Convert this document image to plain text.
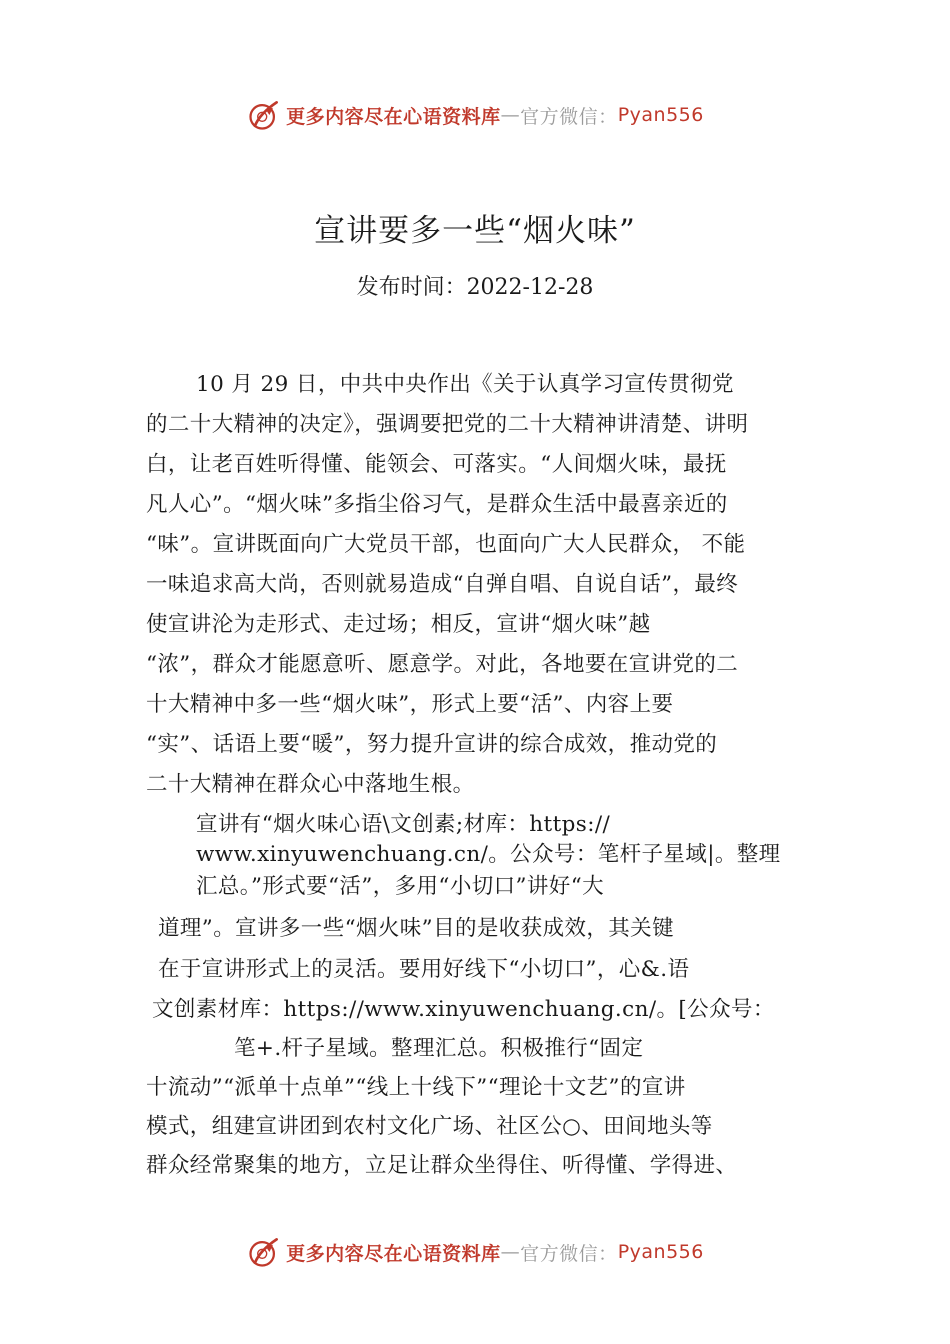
更多内容尽在心语资料库 — 官方微信： Pyan556
宣讲要多一些“烟火味”
发布时间：2022-12-28
10 月 29 日，中共中央作出《关于认真学习宣传贯彻党
的二十大精神的决定》，强调要把党的二十大精神讲清楚、讲明
白，让老百姓听得懂、能领会、可落实。“人间烟火味，最抚
凡人心”。“烟火味”多指尘俗习气，是群众生活中最喜亲近的
“味”。宣讲既面向广大党员干部，也面向广大人民群众， 不能
一味追求高大尚，否则就易造成“自弹自唱、自说自话”，最终
使宣讲沦为走形式、走过场；相反，宣讲“烟火味”越
“浓”，群众才能愿意听、愿意学。对此，各地要在宣讲党的二
十大精神中多一些“烟火味”，形式上要“活”、内容上要
“实”、话语上要“暖”，努力提升宣讲的综合成效，推动党的
二十大精神在群众心中落地生根。
宣讲有“烟火味心语\文创素;材库：https://
www.xinyuwenchuang.cn/。公众号：笔杆子星域|。整理
汇总。”形式要“活”，多用“小切口”讲好“大
道理”。宣讲多一些“烟火味”目的是收获成效，其关键
在于宣讲形式上的灵活。要用好线下“小切口”，心&.语
文创素材库：https://www.xinyuwenchuang.cn/。[公众号：
笔+.杆子星域。整理汇总。积极推行“固定
十流动”“派单十点单”“线上十线下”“理论十文艺”的宣讲
模式，组建宣讲团到农村文化广场、社区公○、田间地头等
群众经常聚集的地方，立足让群众坐得住、听得懂、学得进、
更多内容尽在心语资料库 — 官方微信： Pyan556
